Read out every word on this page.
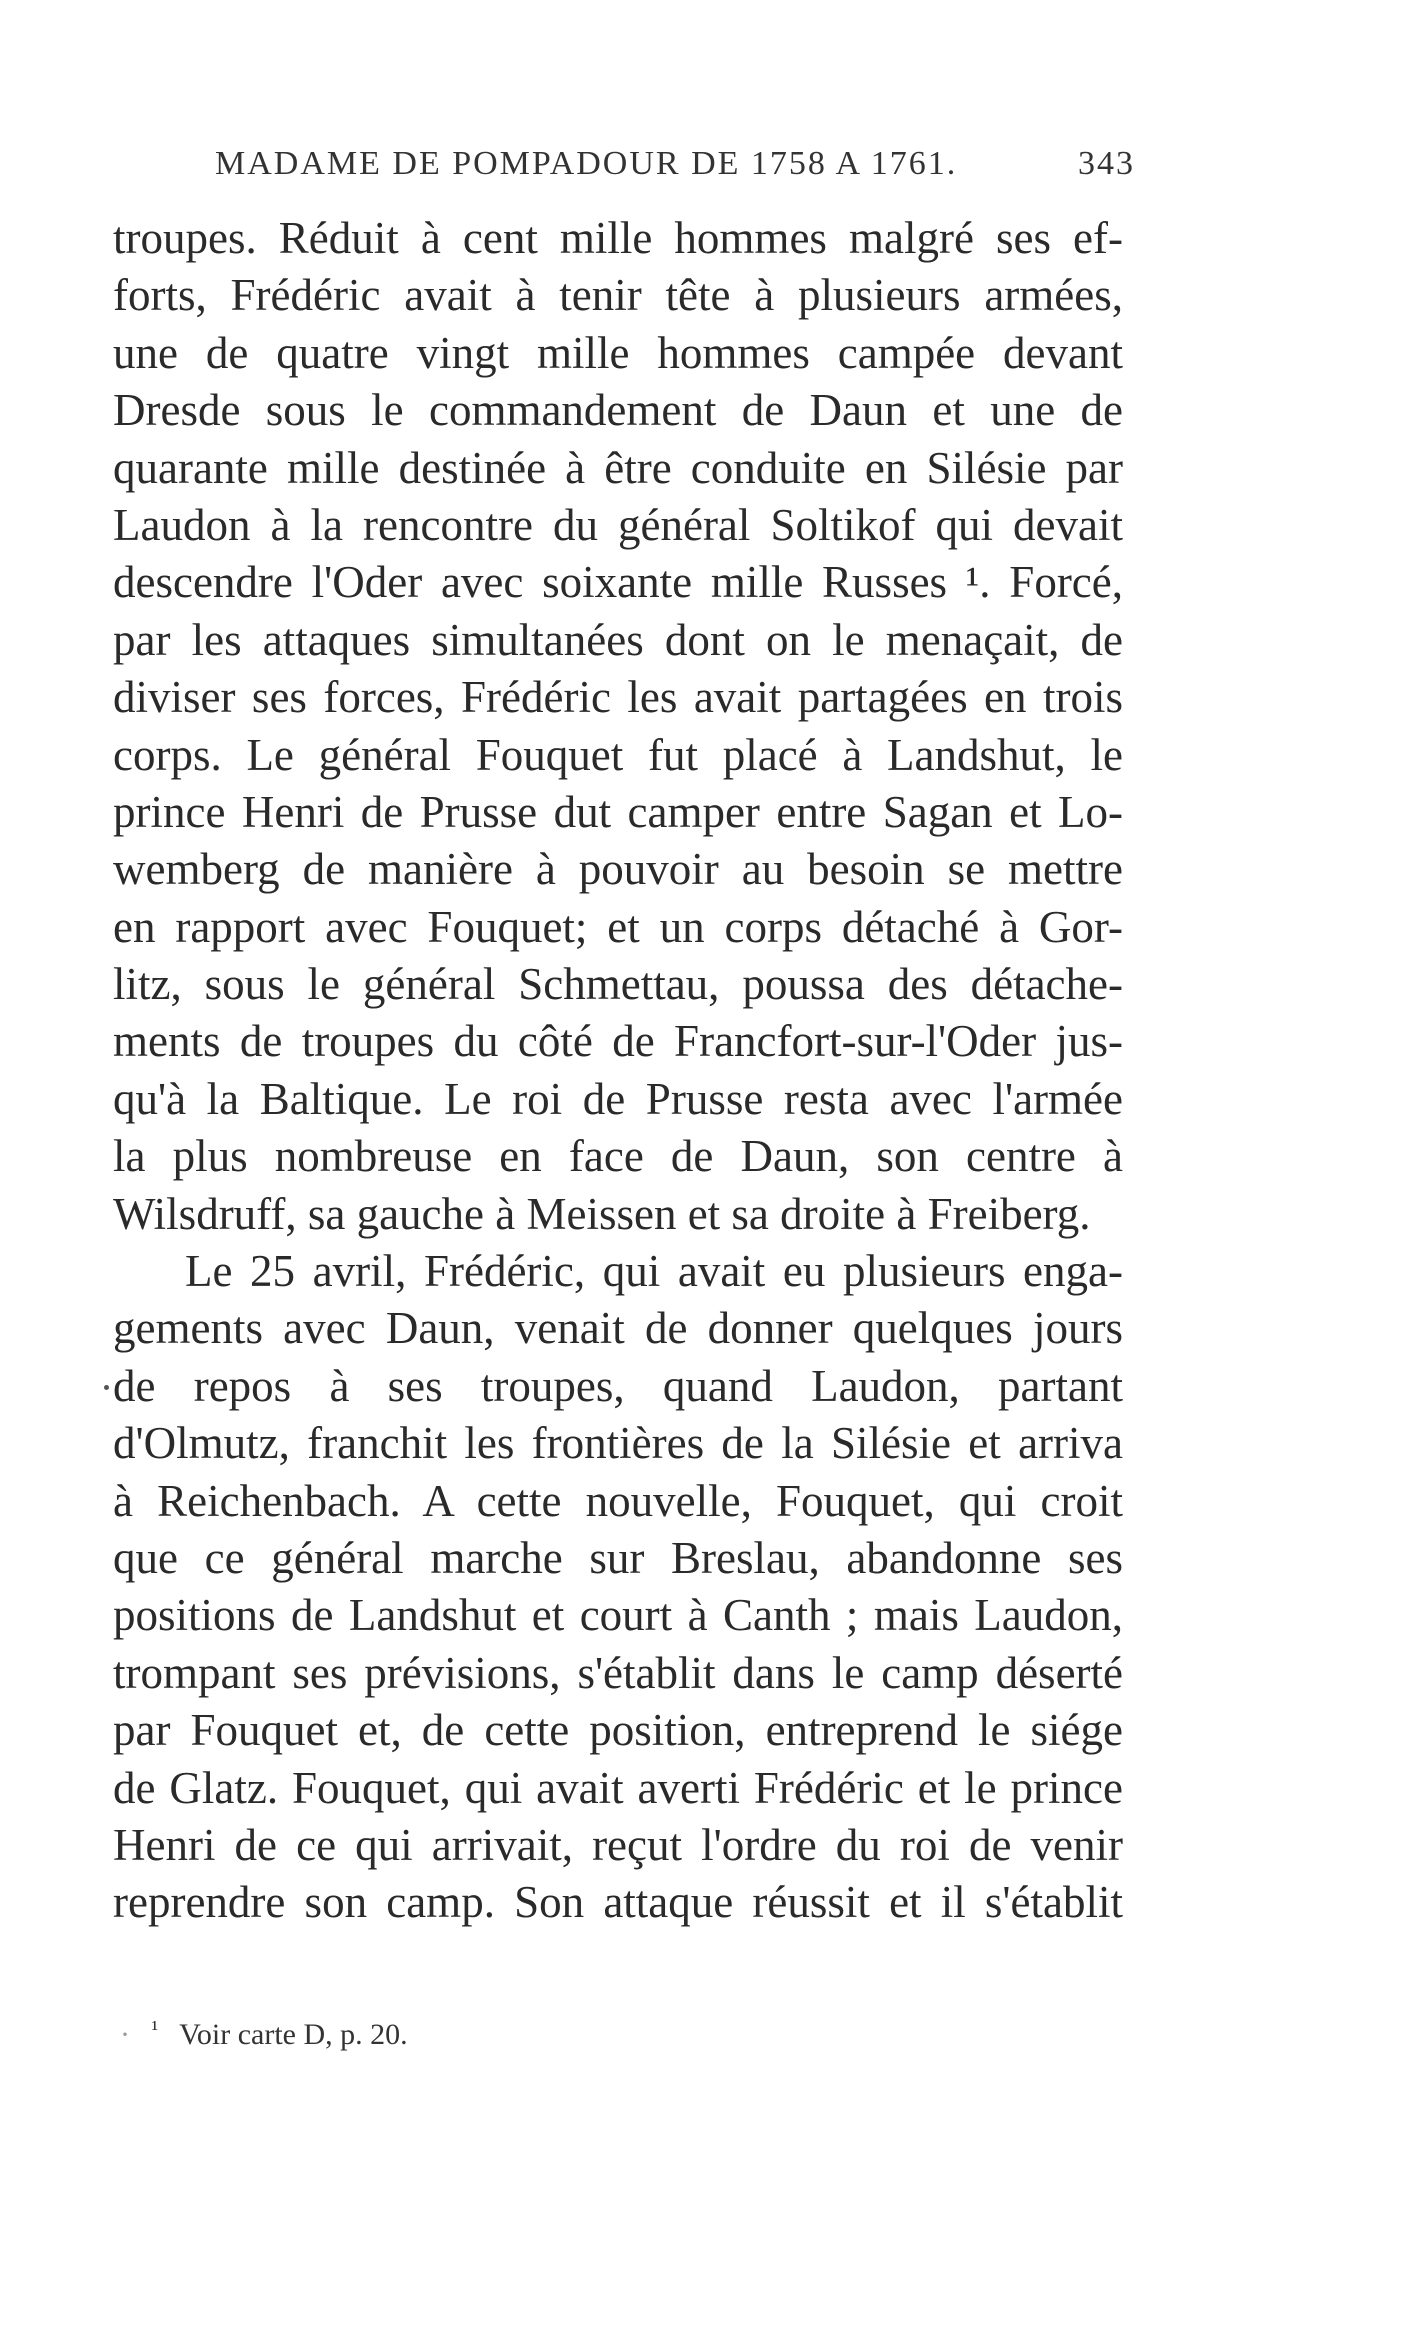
MADAME DE POMPADOUR DE 1758 A 1761.	343
troupes. Réduit à cent mille hommes malgré ses ef-
forts, Frédéric avait à tenir tête à plusieurs armées,
une de quatre vingt mille hommes campée devant
Dresde sous le commandement de Daun et une de
quarante mille destinée à être conduite en Silésie par
Laudon à la rencontre du général Soltikof qui devait
descendre l'Oder avec soixante mille Russes ¹. Forcé,
par les attaques simultanées dont on le menaçait, de
diviser ses forces, Frédéric les avait partagées en trois
corps. Le général Fouquet fut placé à Landshut, le
prince Henri de Prusse dut camper entre Sagan et Lo-
wemberg de manière à pouvoir au besoin se mettre
en rapport avec Fouquet; et un corps détaché à Gor-
litz, sous le général Schmettau, poussa des détache-
ments de troupes du côté de Francfort-sur-l'Oder jus-
qu'à la Baltique. Le roi de Prusse resta avec l'armée
la plus nombreuse en face de Daun, son centre à
Wilsdruff, sa gauche à Meissen et sa droite à Freiberg.
Le 25 avril, Frédéric, qui avait eu plusieurs enga-
gements avec Daun, venait de donner quelques jours
de repos à ses troupes, quand Laudon, partant
d'Olmutz, franchit les frontières de la Silésie et arriva
à Reichenbach. A cette nouvelle, Fouquet, qui croit
que ce général marche sur Breslau, abandonne ses
positions de Landshut et court à Canth ; mais Laudon,
trompant ses prévisions, s'établit dans le camp déserté
par Fouquet et, de cette position, entreprend le siége
de Glatz. Fouquet, qui avait averti Frédéric et le prince
Henri de ce qui arrivait, reçut l'ordre du roi de venir
reprendre son camp. Son attaque réussit et il s'établit
· $^{^1}$ Voir carte D, p. 20.
